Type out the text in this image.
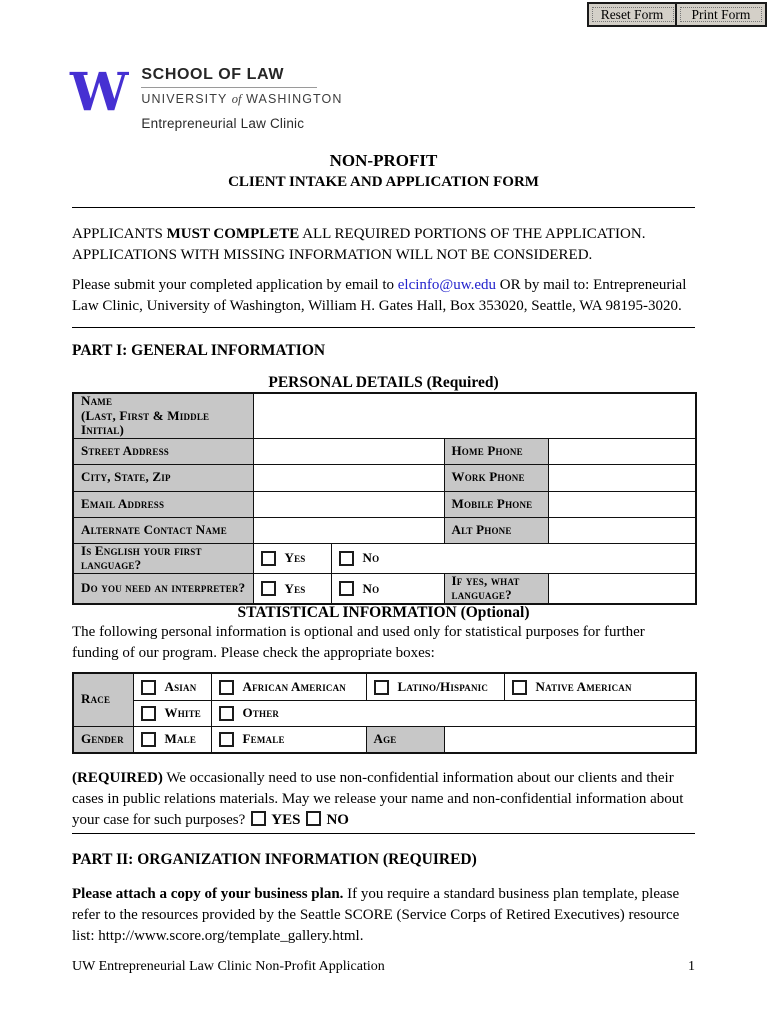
Reset Form	Print Form
W SCHOOL OF LAW
UNIVERSITY of WASHINGTON
Entrepreneurial Law Clinic
NON-PROFIT
CLIENT INTAKE AND APPLICATION FORM

APPLICANTS MUST COMPLETE ALL REQUIRED PORTIONS OF THE APPLICATION. APPLICATIONS WITH MISSING INFORMATION WILL NOT BE CONSIDERED.

Please submit your completed application by email to elcinfo@uw.edu OR by mail to: Entrepreneurial Law Clinic, University of Washington, William H. Gates Hall, Box 353020, Seattle, WA 98195-3020.

PART I: GENERAL INFORMATION
PERSONAL DETAILS (Required)
Name
(Last, First & Middle Initial)				

Street Address			Home Phone	
City, State, Zip			Work Phone	
Email Address			Mobile Phone	
Alternate Contact Name			Alt Phone	
Is English your first language?	Yes	No		
Do you need an interpreter?	Yes	No	If yes, what language?	
STATISTICAL INFORMATION (Optional)

The following personal information is optional and used only for statistical purposes for further funding of our program. Please check the appropriate boxes:

Race	Asian	African American	Latino/Hispanic		Native American
	White	Other			
Gender	Male	Female	Age		

(REQUIRED) We occasionally need to use non-confidential information about our clients and their cases in public relations materials. May we release your name and non-confidential information about your case for such purposes? YES NO

PART II: ORGANIZATION INFORMATION (REQUIRED)

Please attach a copy of your business plan. If you require a standard business plan template, please refer to the resources provided by the Seattle SCORE (Service Corps of Retired Executives) resource list: http://www.score.org/template_gallery.html.

UW Entrepreneurial Law Clinic Non-Profit Application	1
